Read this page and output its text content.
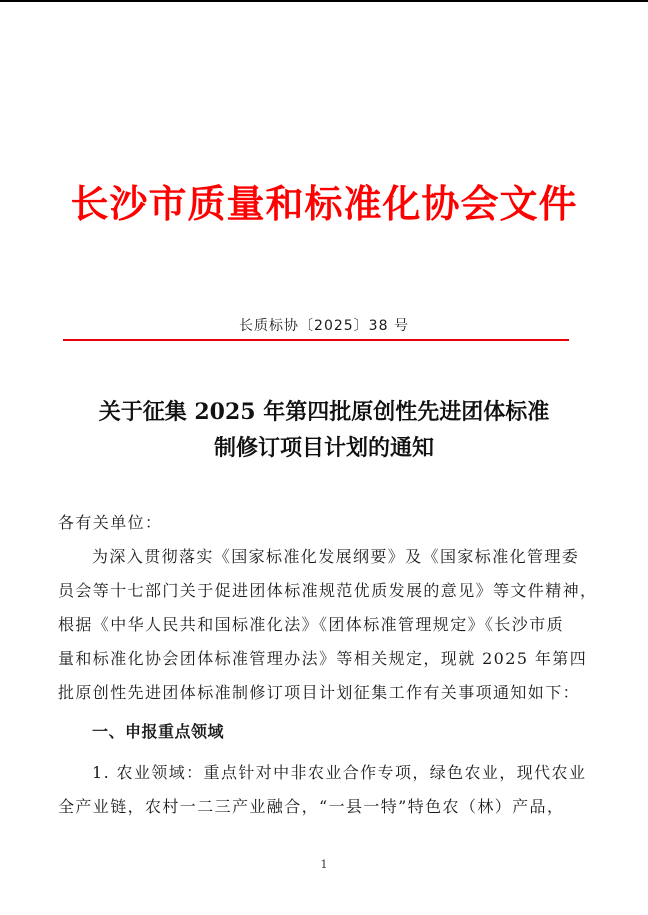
长沙市质量和标准化协会文件
长质标协〔2025〕38 号
关于征集 2025 年第四批原创性先进团体标准
制修订项目计划的通知

各有关单位：

为深入贯彻落实《国家标准化发展纲要》及《国家标准化管理委
员会等十七部门关于促进团体标准规范优质发展的意见》等文件精神，
根据《中华人民共和国标准化法》《团体标准管理规定》《长沙市质
量和标准化协会团体标准管理办法》等相关规定，现就 2025 年第四
批原创性先进团体标准制修订项目计划征集工作有关事项通知如下：

一、申报重点领域

1. 农业领域：重点针对中非农业合作专项，绿色农业，现代农业
全产业链，农村一二三产业融合，“一县一特”特色农（林）产品，

1
